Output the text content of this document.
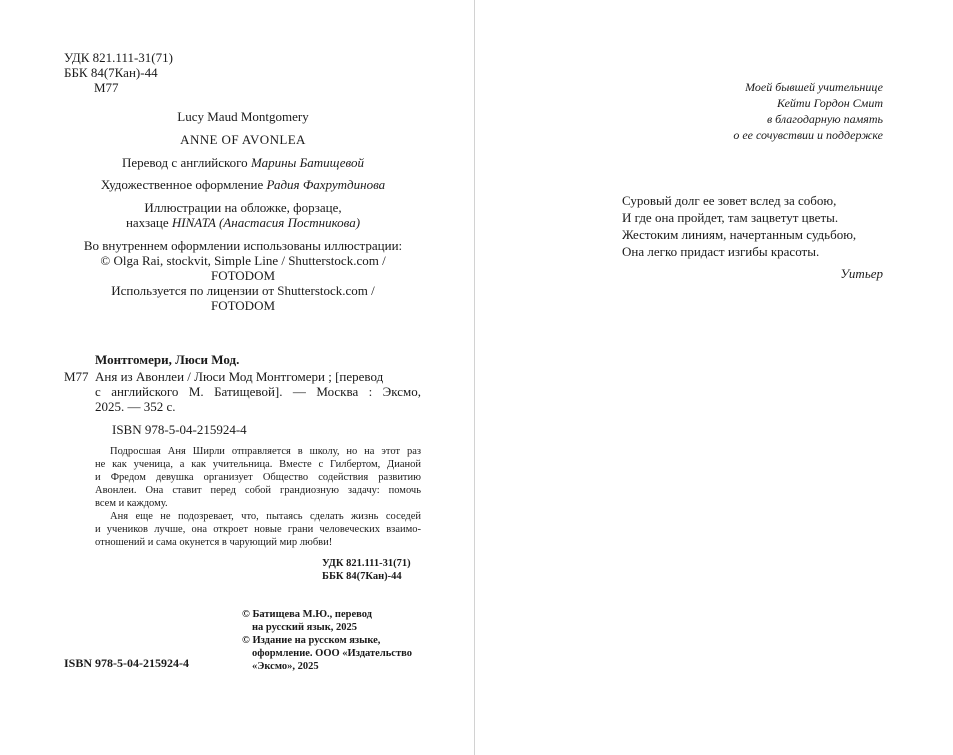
УДК 821.111-31(71)
ББК 84(7Кан)-44
М77
Lucy Maud Montgomery
ANNE OF AVONLEA
Перевод с английского Марины Батищевой
Художественное оформление Радия Фахрутдинова
Иллюстрации на обложке, форзаце,
нахзаце HINATA (Анастасия Постникова)
Во внутреннем оформлении использованы иллюстрации:
© Olga Rai, stockvit, Simple Line / Shutterstock.com /
FOTODOM
Используется по лицензии от Shutterstock.com /
FOTODOM
Монтгомери, Люси Мод.
М77 Аня из Авонлеи / Люси Мод Монтгомери ; [перевод
с английского М. Батищевой]. — Москва : Эксмо,
2025. — 352 с.
ISBN 978-5-04-215924-4
Подросшая Аня Ширли отправляется в школу, но на этот раз
не как ученица, а как учительница. Вместе с Гилбертом, Дианой
и Фредом девушка организует Общество содействия развитию
Авонлеи. Она ставит перед собой грандиозную задачу: помочь
всем и каждому.
Аня еще не подозревает, что, пытаясь сделать жизнь соседей
и учеников лучше, она откроет новые грани человеческих взаимо-
отношений и сама окунется в чарующий мир любви!
УДК 821.111-31(71)
ББК 84(7Кан)-44
© Батищева М.Ю., перевод
на русский язык, 2025
© Издание на русском языке,
оформление. ООО «Издательство
«Эксмо», 2025
ISBN 978-5-04-215924-4
Моей бывшей учительнице
Кейти Гордон Смит
в благодарную память
о ее сочувствии и поддержке
Суровый долг ее зовет вслед за собою,
И где она пройдет, там зацветут цветы.
Жестоким линиям, начертанным судьбою,
Она легко придаст изгибы красоты.
Уитьер
